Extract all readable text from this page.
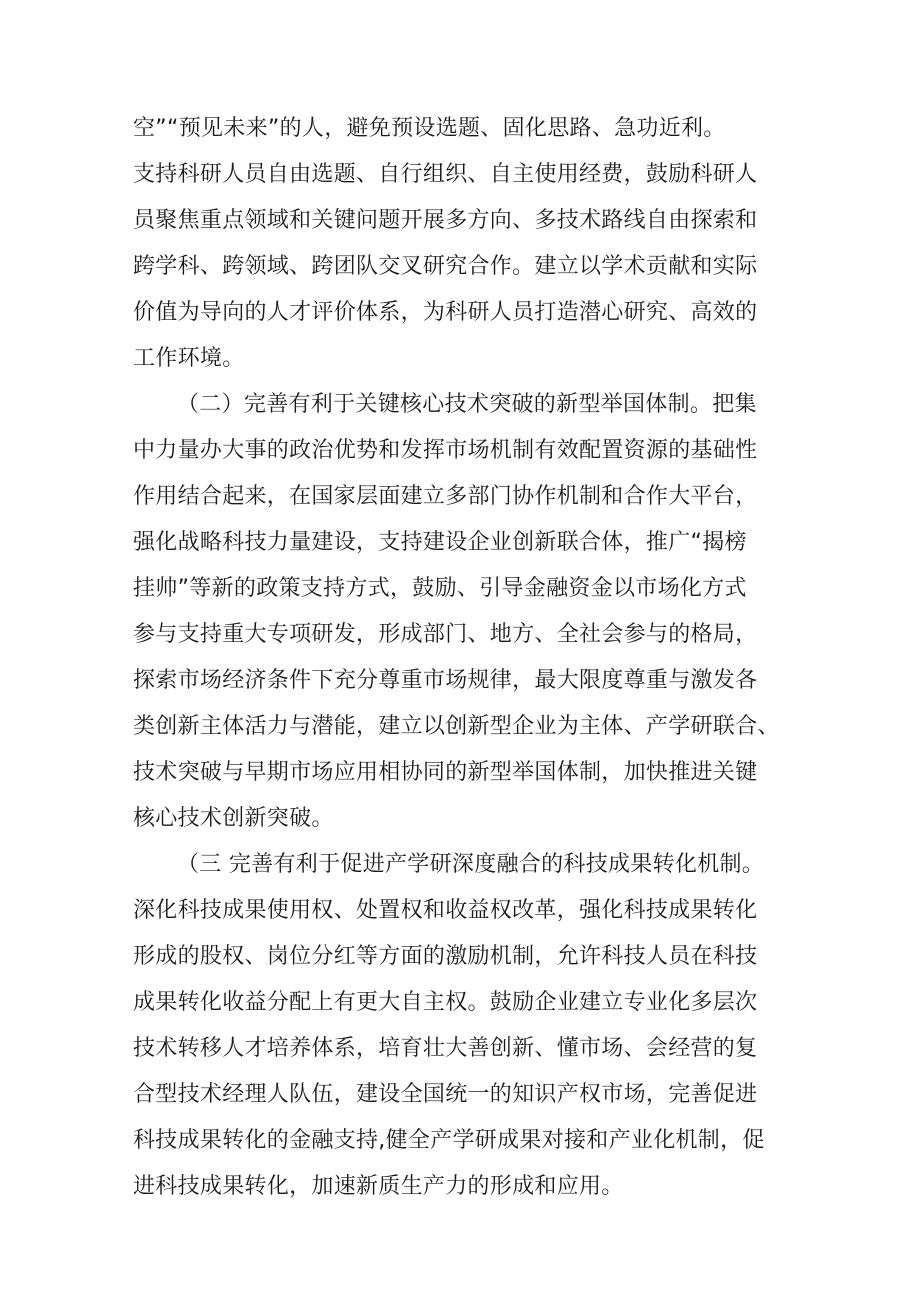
空”“预见未来”的人，避免预设选题、固化思路、急功近利。
支持科研人员自由选题、自行组织、自主使用经费，鼓励科研人
员聚焦重点领域和关键问题开展多方向、多技术路线自由探索和
跨学科、跨领域、跨团队交叉研究合作。建立以学术贡献和实际
价值为导向的人才评价体系，为科研人员打造潜心研究、高效的
工作环境。
（二）完善有利于关键核心技术突破的新型举国体制。把集
中力量办大事的政治优势和发挥市场机制有效配置资源的基础性
作用结合起来，在国家层面建立多部门协作机制和合作大平台，
强化战略科技力量建设，支持建设企业创新联合体，推广“揭榜
挂帅”等新的政策支持方式，鼓励、引导金融资金以市场化方式
参与支持重大专项研发，形成部门、地方、全社会参与的格局，
探索市场经济条件下充分尊重市场规律，最大限度尊重与激发各
类创新主体活力与潜能，建立以创新型企业为主体、产学研联合、
技术突破与早期市场应用相协同的新型举国体制，加快推进关键
核心技术创新突破。
（三 完善有利于促进产学研深度融合的科技成果转化机制。
深化科技成果使用权、处置权和收益权改革，强化科技成果转化
形成的股权、岗位分红等方面的激励机制，允许科技人员在科技
成果转化收益分配上有更大自主权。鼓励企业建立专业化多层次
技术转移人才培养体系，培育壮大善创新、懂市场、会经营的复
合型技术经理人队伍，建设全国统一的知识产权市场，完善促进
科技成果转化的金融支持,健全产学研成果对接和产业化机制，促
进科技成果转化，加速新质生产力的形成和应用。
